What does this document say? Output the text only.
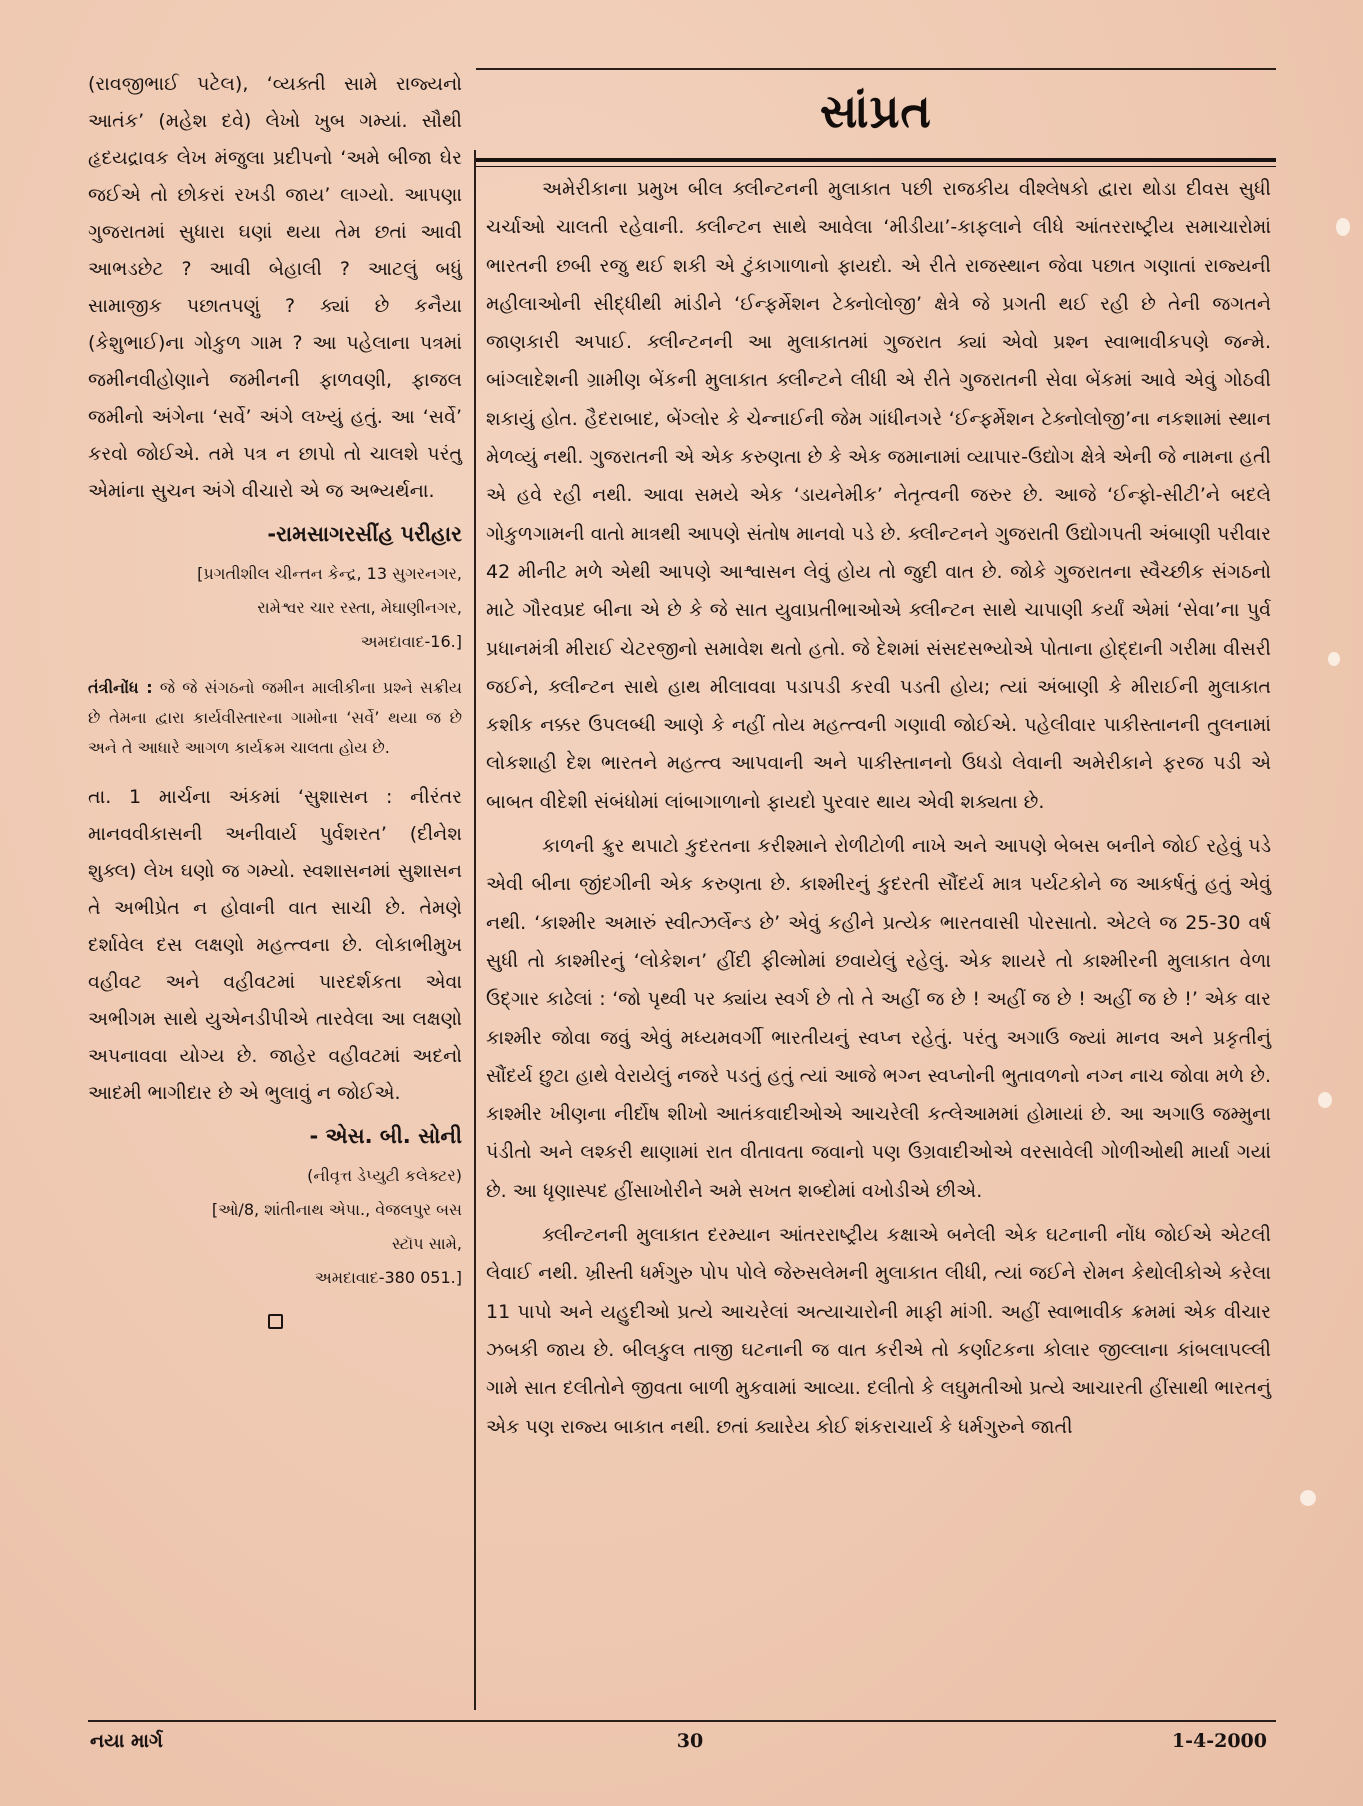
(રાવજીભાઈ પટેલ), ‘વ્યક્તી સામે રાજ્યનો આતંક’ (મહેશ દવે) લેખો ખુબ ગમ્યાં. સૌથી હૃદયદ્રાવક લેખ મંજુલા પ્રદીપનો ‘અમે બીજા ઘેર જઈએ તો છોકરાં રખડી જાય’ લાગ્યો. આપણા ગુજરાતમાં સુધારા ઘણાં થયા તેમ છતાં આવી આભડછેટ ? આવી બેહાલી ? આટલું બધું સામાજીક પછાતપણું ? ક્યાં છે કનૈયા (કેશુભાઈ)ના ગોકુળ ગામ ? આ પહેલાના પત્રમાં જમીનવીહોણાને જમીનની ફાળવણી, ફાજલ જમીનો અંગેના ‘સર્વે’ અંગે લખ્યું હતું. આ ‘સર્વે’ કરવો જોઈએ. તમે પત્ર ન છાપો તો ચાલશે પરંતુ એમાંના સુચન અંગે વીચારો એ જ અભ્યર્થના.

-રામસાગરસીંહ પરીહાર

[પ્રગતીશીલ ચીન્તન કેન્દ્ર, 13 સુગરનગર,
રામેશ્વર ચાર રસ્તા, મેઘાણીનગર,
અમદાવાદ-16.]

તંત્રીનોંધ : જે જે સંગઠનો જમીન માલીકીના પ્રશ્ને સક્રીય છે તેમના દ્વારા કાર્યવીસ્તારના ગામોના ‘સર્વે’ થયા જ છે અને તે આધારે આગળ કાર્યક્રમ ચાલતા હોય છે.

તા. 1 માર્ચના અંકમાં ‘સુશાસન : નીરંતર માનવવીકાસની અનીવાર્ય પુર્વશરત’ (દીનેશ શુક્લ) લેખ ઘણો જ ગમ્યો. સ્વશાસનમાં સુશાસન તે અભીપ્રેત ન હોવાની વાત સાચી છે. તેમણે દર્શાવેલ દસ લક્ષણો મહત્ત્વના છે. લોકાભીમુખ વહીવટ અને વહીવટમાં પારદર્શકતા એવા અભીગમ સાથે યુએનડીપીએ તારવેલા આ લક્ષણો અપનાવવા યોગ્ય છે. જાહેર વહીવટમાં અદનો આદમી ભાગીદાર છે એ ભુલાવું ન જોઈએ.

- એસ. બી. સોની

(નીવૃત્ત ડેપ્યુટી કલેક્ટર)
[ઓ/8, શાંતીનાથ એપા., વેજલપુર બસ
સ્ટૉપ સામે,
અમદાવાદ-380 051.]
સાંપ્રત

અમેરીકાના પ્રમુખ બીલ ક્લીન્ટનની મુલાકાત પછી રાજકીય વીશ્લેષકો દ્વારા થોડા દીવસ સુધી ચર્ચાઓ ચાલતી રહેવાની. ક્લીન્ટન સાથે આવેલા ‘મીડીયા’-કાફલાને લીધે આંતરરાષ્ટ્રીય સમાચારોમાં ભારતની છબી રજુ થઈ શકી એ ટુંકાગાળાનો ફાયદો. એ રીતે રાજસ્થાન જેવા પછાત ગણાતાં રાજ્યની મહીલાઓની સીદ્ધીથી માંડીને ‘ઈન્ફર્મેશન ટેક્નોલોજી’ ક્ષેત્રે જે પ્રગતી થઈ રહી છે તેની જગતને જાણકારી અપાઈ. ક્લીન્ટનની આ મુલાકાતમાં ગુજરાત ક્યાં એવો પ્રશ્ન સ્વાભાવીકપણે જન્મે. બાંગ્લાદેશની ગ્રામીણ બેંકની મુલાકાત ક્લીન્ટને લીધી એ રીતે ગુજરાતની સેવા બેંકમાં આવે એવું ગોઠવી શકાયું હોત. હૈદરાબાદ, બેંગ્લોર કે ચેન્નાઈની જેમ ગાંધીનગરે ‘ઈન્ફર્મેશન ટેક્નોલોજી’ના નકશામાં સ્થાન મેળવ્યું નથી. ગુજરાતની એ એક કરુણતા છે કે એક જમાનામાં વ્યાપાર-ઉદ્યોગ ક્ષેત્રે એની જે નામના હતી એ હવે રહી નથી. આવા સમયે એક ‘ડાયનેમીક’ નેતૃત્વની જરુર છે. આજે ‘ઈન્ફો-સીટી’ને બદલે ગોકુળગામની વાતો માત્રથી આપણે સંતોષ માનવો પડે છે. ક્લીન્ટનને ગુજરાતી ઉદ્યોગપતી અંબાણી પરીવાર 42 મીનીટ મળે એથી આપણે આશ્વાસન લેવું હોય તો જુદી વાત છે. જોકે ગુજરાતના સ્વૈચ્છીક સંગઠનો માટે ગૌરવપ્રદ બીના એ છે કે જે સાત યુવાપ્રતીભાઓએ ક્લીન્ટન સાથે ચાપાણી કર્યાં એમાં ‘સેવા’ના પુર્વ પ્રધાનમંત્રી મીરાઈ ચેટરજીનો સમાવેશ થતો હતો. જે દેશમાં સંસદસભ્યોએ પોતાના હોદ્દાની ગરીમા વીસરી જઈને, ક્લીન્ટન સાથે હાથ મીલાવવા પડાપડી કરવી પડતી હોય; ત્યાં અંબાણી કે મીરાઈની મુલાકાત કશીક નક્કર ઉપલબ્ધી આણે કે નહીં તોય મહત્ત્વની ગણાવી જોઈએ. પહેલીવાર પાકીસ્તાનની તુલનામાં લોકશાહી દેશ ભારતને મહત્ત્વ આપવાની અને પાકીસ્તાનનો ઉધડો લેવાની અમેરીકાને ફરજ પડી એ બાબત વીદેશી સંબંધોમાં લાંબાગાળાનો ફાયદો પુરવાર થાય એવી શક્યતા છે.

કાળની ક્રુર થપાટો કુદરતના કરીશ્માને રોળીટોળી નાખે અને આપણે બેબસ બનીને જોઈ રહેવું પડે એવી બીના જીંદગીની એક કરુણતા છે. કાશ્મીરનું કુદરતી સૌંદર્ય માત્ર પર્યટકોને જ આકર્ષતું હતું એવું નથી. ‘કાશ્મીર અમારું સ્વીત્ઝર્લેન્ડ છે’ એવું કહીને પ્રત્યેક ભારતવાસી પોરસાતો. એટલે જ 25-30 વર્ષ સુધી તો કાશ્મીરનું ‘લોકેશન’ હીંદી ફીલ્મોમાં છવાયેલું રહેલું. એક શાયરે તો કાશ્મીરની મુલાકાત વેળા ઉદ્ગાર કાઢેલાં : ‘જો પૃથ્વી પર ક્યાંય સ્વર્ગ છે તો તે અહીં જ છે ! અહીં જ છે ! અહીં જ છે !’ એક વાર કાશ્મીર જોવા જવું એવું મધ્યમવર્ગી ભારતીયનું સ્વપ્ન રહેતું. પરંતુ અગાઉ જ્યાં માનવ અને પ્રકૃતીનું સૌંદર્ય છુટા હાથે વેરાયેલું નજરે પડતું હતું ત્યાં આજે ભગ્ન સ્વપ્નોની ભુતાવળનો નગ્ન નાચ જોવા મળે છે. કાશ્મીર ખીણના નીર્દોષ શીખો આતંકવાદીઓએ આચરેલી કત્લેઆમમાં હોમાયાં છે. આ અગાઉ જમ્મુના પંડીતો અને લશ્કરી થાણામાં રાત વીતાવતા જવાનો પણ ઉગ્રવાદીઓએ વરસાવેલી ગોળીઓથી માર્યા ગયાં છે. આ ધૃણાસ્પદ હીંસાખોરીને અમે સખત શબ્દોમાં વખોડીએ છીએ.

ક્લીન્ટનની મુલાકાત દરમ્યાન આંતરરાષ્ટ્રીય કક્ષાએ બનેલી એક ઘટનાની નોંધ જોઈએ એટલી લેવાઈ નથી. ખ્રીસ્તી ધર્મગુરુ પોપ પોલે જેરુસલેમની મુલાકાત લીધી, ત્યાં જઈને રોમન કેથોલીકોએ કરેલા 11 પાપો અને યહુદીઓ પ્રત્યે આચરેલાં અત્યાચારોની માફી માંગી. અહીં સ્વાભાવીક ક્રમમાં એક વીચાર ઝબકી જાય છે. બીલકુલ તાજી ઘટનાની જ વાત કરીએ તો કર્ણાટકના કોલાર જીલ્લાના કાંબલાપલ્લી ગામે સાત દલીતોને જીવતા બાળી મુકવામાં આવ્યા. દલીતો કે લઘુમતીઓ પ્રત્યે આચારતી હીંસાથી ભારતનું એક પણ રાજ્ય બાકાત નથી. છતાં ક્યારેય કોઈ શંકરાચાર્ય કે ધર્મગુરુને જાતી

નયા માર્ગ	30	1-4-2000
